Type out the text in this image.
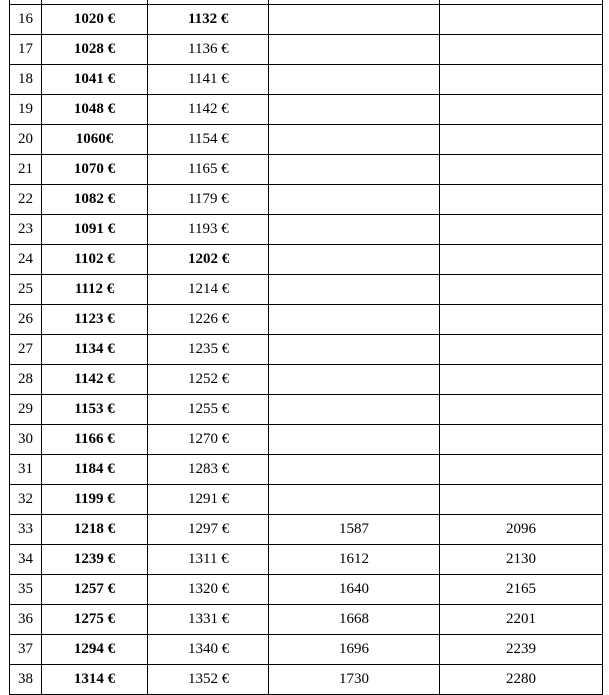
16	1020 €	1132 €		
17	1028 €	1136 €		
18	1041 €	1141 €		
19	1048 €	1142 €		
20	1060€	1154 €		
21	1070 €	1165 €		
22	1082 €	1179 €		
23	1091 €	1193 €		
24	1102 €	1202 €		
25	1112 €	1214 €		
26	1123 €	1226 €		
27	1134 €	1235 €		
28	1142 €	1252 €		
29	1153 €	1255 €		
30	1166 €	1270 €		
31	1184 €	1283 €		
32	1199 €	1291 €		
33	1218 €	1297 €	1587	2096
34	1239 €	1311 €	1612	2130
35	1257 €	1320 €	1640	2165
36	1275 €	1331 €	1668	2201
37	1294 €	1340 €	1696	2239
38	1314 €	1352 €	1730	2280
